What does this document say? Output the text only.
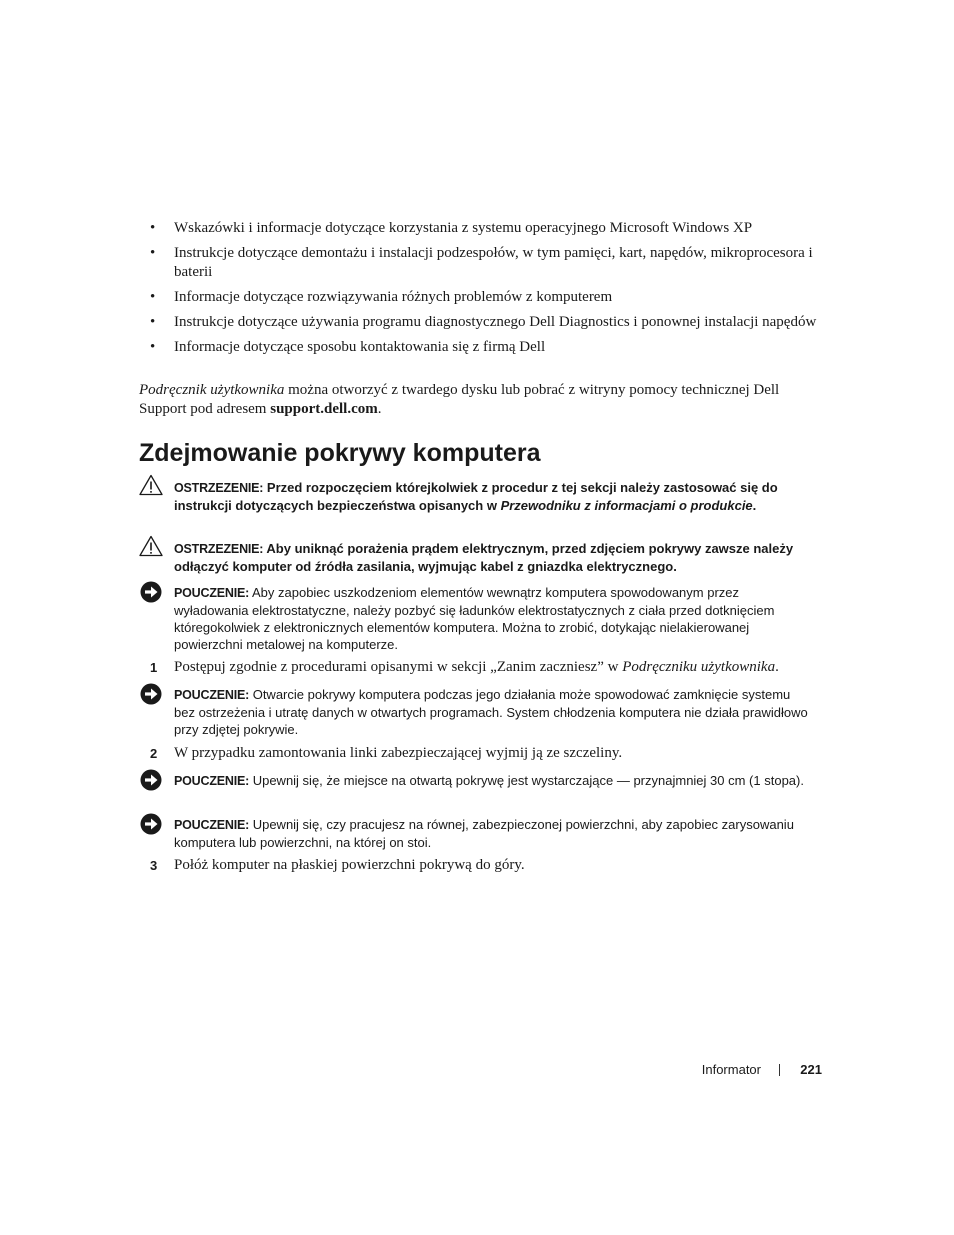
• Wskazówki i informacje dotyczące korzystania z systemu operacyjnego Microsoft Windows XP
• Instrukcje dotyczące demontażu i instalacji podzespołów, w tym pamięci, kart, napędów, mikroprocesora i baterii
• Informacje dotyczące rozwiązywania różnych problemów z komputerem
• Instrukcje dotyczące używania programu diagnostycznego Dell Diagnostics i ponownej instalacji napędów
• Informacje dotyczące sposobu kontaktowania się z firmą Dell

Podręcznik użytkownika można otworzyć z twardego dysku lub pobrać z witryny pomocy technicznej Dell Support pod adresem support.dell.com.

Zdejmowanie pokrywy komputera
OSTRZEZENIE: Przed rozpoczęciem którejkolwiek z procedur z tej sekcji należy zastosować się do instrukcji dotyczących bezpieczeństwa opisanych w Przewodniku z informacjami o produkcie.
OSTRZEZENIE: Aby uniknąć porażenia prądem elektrycznym, przed zdjęciem pokrywy zawsze należy odłączyć komputer od źródła zasilania, wyjmując kabel z gniazdka elektrycznego.
POUCZENIE: Aby zapobiec uszkodzeniom elementów wewnątrz komputera spowodowanym przez wyładowania elektrostatyczne, należy pozbyć się ładunków elektrostatycznych z ciała przed dotknięciem któregokolwiek z elektronicznych elementów komputera. Można to zrobić, dotykając nielakierowanej powierzchni metalowej na komputerze.
1 Postępuj zgodnie z procedurami opisanymi w sekcji „Zanim zaczniesz” w Podręczniku użytkownika.
POUCZENIE: Otwarcie pokrywy komputera podczas jego działania może spowodować zamknięcie systemu bez ostrzeżenia i utratę danych w otwartych programach. System chłodzenia komputera nie działa prawidłowo przy zdjętej pokrywie.
2 W przypadku zamontowania linki zabezpieczającej wyjmij ją ze szczeliny.
POUCZENIE: Upewnij się, że miejsce na otwartą pokrywę jest wystarczające — przynajmniej 30 cm (1 stopa).
POUCZENIE: Upewnij się, czy pracujesz na równej, zabezpieczonej powierzchni, aby zapobiec zarysowaniu komputera lub powierzchni, na której on stoi.
3 Połóż komputer na płaskiej powierzchni pokrywą do góry.
Informator	221
